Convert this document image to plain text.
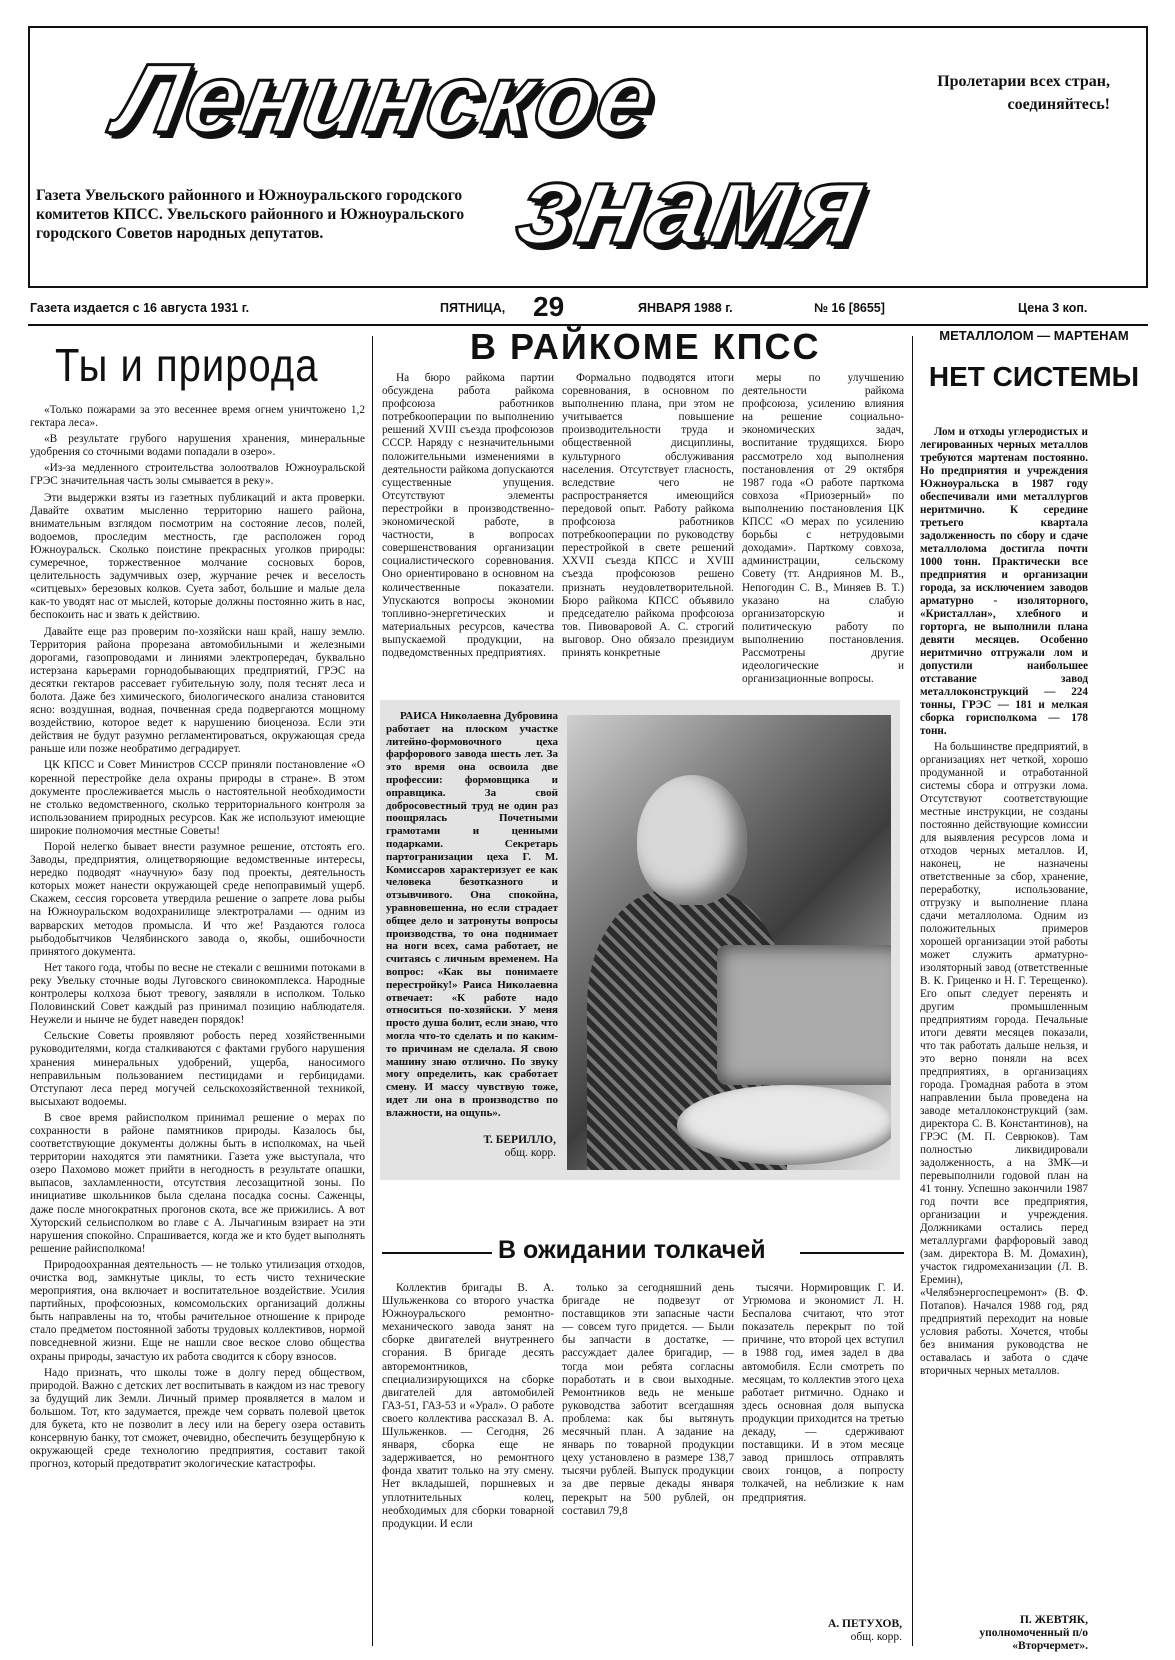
Ленинское
знамя
Пролетарии всех стран,
соединяйтесь!
Газета Увельского районного и Южноуральского городского комитетов КПСС. Увельского районного и Южноуральского городского Советов народных депутатов.
Газета издается с 16 августа 1931 г.	ПЯТНИЦА, 29	ЯНВАРЯ 1988 г.	№ 16 [8655]	Цена 3 коп.
Ты и природа

«Только пожарами за это весеннее время огнем уничтожено 1,2 гектара леса».

«В результате грубого нарушения хранения, минеральные удобрения со сточными водами попадали в озеро».

«Из-за медленного строительства золоотвалов Южноуральской ГРЭС значительная часть золы смывается в реку».

Эти выдержки взяты из газетных публикаций и акта проверки. Давайте охватим мысленно территорию нашего района, внимательным взглядом посмотрим на состояние лесов, полей, водоемов, проследим местность, где расположен город Южноуральск. Сколько поистине прекрасных уголков природы: сумеречное, торжественное молчание сосновых боров, целительность задумчивых озер, журчание речек и веселость «ситцевых» березовых колков. Суета забот, большие и малые дела как-то уводят нас от мыслей, которые должны постоянно жить в нас, беспокоить нас и звать к действию.

Давайте еще раз проверим по-хозяйски наш край, нашу землю. Территория района прорезана автомобильными и железными дорогами, газопроводами и линиями электропередач, буквально истерзана карьерами горнодобывающих предприятий, ГРЭС на десятки гектаров рассевает губительную золу, поля теснят леса и болота. Даже без химического, биологического анализа становится ясно: воздушная, водная, почвенная среда подвергаются мощному воздействию, которое ведет к нарушению биоценоза. Если эти действия не будут разумно регламентироваться, окружающая среда раньше или позже необратимо деградирует.

ЦК КПСС и Совет Министров СССР приняли постановление «О коренной перестройке дела охраны природы в стране». В этом документе прослеживается мысль о настоятельной необходимости не столько ведомственного, сколько территориального контроля за использованием природных ресурсов. Как же используют имеющие широкие полномочия местные Советы!

Порой нелегко бывает внести разумное решение, отстоять его. Заводы, предприятия, олицетворяющие ведомственные интересы, нередко подводят «научную» базу под проекты, деятельность которых может нанести окружающей среде непоправимый ущерб. Скажем, сессия горсовета утвердила решение о запрете лова рыбы на Южноуральском водохранилище электротралами — одним из варварских методов промысла. И что же! Раздаются голоса рыбодобытчиков Челябинского завода о, якобы, ошибочности принятого документа.

Нет такого года, чтобы по весне не стекали с вешними потоками в реку Увельку сточные воды Луговского свинокомплекса. Народные контролеры колхоза бьют тревогу, заявляли в исполком. Только Половинский Совет каждый раз принимал позицию наблюдателя. Неужели и нынче не будет наведен порядок!

Сельские Советы проявляют робость перед хозяйственными руководителями, когда сталкиваются с фактами грубого нарушения хранения минеральных удобрений, ущерба, наносимого неправильным пользованием пестицидами и гербицидами. Отступают леса перед могучей сельскохозяйственной техникой, высыхают водоемы.

В свое время райисполком принимал решение о мерах по сохранности в районе памятников природы. Казалось бы, соответствующие документы должны быть в исполкомах, на чьей территории находятся эти памятники. Газета уже выступала, что озеро Пахомово может прийти в негодность в результате опашки, выпасов, захламленности, отсутствия лесозащитной зоны. По инициативе школьников была сделана посадка сосны. Саженцы, даже после многократных прогонов скота, все же прижились. А вот Хуторский сельисполком во главе с А. Лычагиным взирает на эти нарушения спокойно. Спрашивается, когда же и кто будет выполнять решение райисполкома!

Природоохранная деятельность — не только утилизация отходов, очистка вод, замкнутые циклы, то есть чисто технические мероприятия, она включает и воспитательное воздействие. Усилия партийных, профсоюзных, комсомольских организаций должны быть направлены на то, чтобы рачительное отношение к природе стало предметом постоянной заботы трудовых коллективов, нормой повседневной жизни. Еще не нашли свое веское слово общества охраны природы, зачастую их работа сводится к сбору взносов.

Надо признать, что школы тоже в долгу перед обществом, природой. Важно с детских лет воспитывать в каждом из нас тревогу за будущий лик Земли. Личный пример проявляется в малом и большом. Тот, кто задумается, прежде чем сорвать полевой цветок для букета, кто не позволит в лесу или на берегу озера оставить консервную банку, тот сможет, очевидно, обеспечить безущербную к окружающей среде технологию предприятия, составит такой прогноз, который предотвратит экологические катастрофы.

В РАЙКОМЕ КПСС

На бюро райкома партии обсуждена работа райкома профсоюза работников потребкооперации по выполнению решений XVIII съезда профсоюзов СССР. Наряду с незначительными положительными изменениями в деятельности райкома допускаются существенные упущения. Отсутствуют элементы перестройки в производственно-экономической работе, в частности, в вопросах совершенствования организации социалистического соревнования. Оно ориентировано в основном на количественные показатели. Упускаются вопросы экономии топливно-энергетических и материальных ресурсов, качества выпускаемой продукции, на подведомственных предприятиях.

Формально подводятся итоги соревнования, в основном по выполнению плана, при этом не учитывается повышение производительности труда и общественной дисциплины, культурного обслуживания населения. Отсутствует гласность, вследствие чего не распространяется имеющийся передовой опыт. Работу райкома профсоюза работников потребкооперации по руководству перестройкой в свете решений XXVII съезда КПСС и XVIII съезда профсоюзов решено признать неудовлетворительной. Бюро райкома КПСС объявило председателю райкома профсоюза тов. Пивоваровой А. С. строгий выговор. Оно обязало президиум принять конкретные

меры по улучшению деятельности райкома профсоюза, усилению влияния на решение социально-экономических задач, воспитание трудящихся. Бюро рассмотрело ход выполнения постановления от 29 октября 1987 года «О работе парткома совхоза «Приозерный» по выполнению постановления ЦК КПСС «О мерах по усилению борьбы с нетрудовыми доходами». Парткому совхоза, администрации, сельскому Совету (тт. Андриянов М. В., Непогодин С. В., Миняев В. Т.) указано на слабую организаторскую и политическую работу по выполнению постановления. Рассмотрены другие идеологические и организационные вопросы.

РАИСА Николаевна Дубровина работает на плоском участке литейно-формовочного цеха фарфорового завода шесть лет. За это время она освоила две профессии: формовщика и оправщика. За свой добросовестный труд не один раз поощрялась Почетными грамотами и ценными подарками. Секретарь партогранизации цеха Г. М. Комиссаров характеризует ее как человека безотказного и отзывчивого. Она спокойна, уравновешенна, но если страдает общее дело и затронуты вопросы производства, то она поднимает на ноги всех, сама работает, не считаясь с личным временем. На вопрос: «Как вы понимаете перестройку!» Раиса Николаевна отвечает: «К работе надо относиться по-хозяйски. У меня просто душа болит, если знаю, что могла что-то сделать и по каким-то причинам не сделала. Я свою машину знаю отлично. По звуку могу определить, как сработает смену. И массу чувствую тоже, идет ли она в производство по влажности, на ощупь».

Т. БЕРИЛЛО,
общ. корр.
В ожидании толкачей

Коллектив бригады В. А. Шульженкова со второго участка Южноуральского ремонтно-механического завода занят на сборке двигателей внутреннего сгорания. В бригаде десять авторемонтников, специализирующихся на сборке двигателей для автомобилей ГАЗ-51, ГАЗ-53 и «Урал». О работе своего коллектива рассказал В. А. Шульженков. — Сегодня, 26 января, сборка еще не задерживается, но ремонтного фонда хватит только на эту смену. Нет вкладышей, поршневых и уплотнительных колец, необходимых для сборки товарной продукции. И если

только за сегодняшний день бригаде не подвезут от поставщиков эти запасные части — совсем туго придется. — Были бы запчасти в достатке, — рассуждает далее бригадир, — тогда мои ребята согласны поработать и в свои выходные. Ремонтников ведь не меньше руководства заботит всегдашняя проблема: как бы вытянуть месячный план. А задание на январь по товарной продукции цеху установлено в размере 138,7 тысячи рублей. Выпуск продукции за две первые декады января перекрыт на 500 рублей, он составил 79,8

тысячи. Нормировщик Г. И. Угрюмова и экономист Л. Н. Беспалова считают, что этот показатель перекрыт по той причине, что второй цех вступил в 1988 год, имея задел в два автомобиля. Если смотреть по месяцам, то коллектив этого цеха работает ритмично. Однако и здесь основная доля выпуска продукции приходится на третью декаду, — сдерживают поставщики. И в этом месяце завод пришлось отправлять своих гонцов, а попросту толкачей, на неблизкие к нам предприятия.

А. ПЕТУХОВ,
общ. корр.
МЕТАЛЛОЛОМ — МАРТЕНАМ
НЕТ СИСТЕМЫ

Лом и отходы углеродистых и легированных черных металлов требуются мартенам постоянно. Но предприятия и учреждения Южноуральска в 1987 году обеспечивали ими металлургов неритмично. К середине третьего квартала задолженность по сбору и сдаче металлолома достигла почти 1000 тонн. Практически все предприятия и организации города, за исключением заводов арматурно - изоляторного, «Кристаллан», хлебного и горторга, не выполнили плана девяти месяцев. Особенно неритмично отгружали лом и допустили наибольшее отставание завод металлоконструкций — 224 тонны, ГРЭС — 181 и мелкая сборка горисполкома — 178 тонн.

На большинстве предприятий, в организациях нет четкой, хорошо продуманной и отработанной системы сбора и отгрузки лома. Отсутствуют соответствующие местные инструкции, не созданы постоянно действующие комиссии для выявления ресурсов лома и отходов черных металлов. И, наконец, не назначены ответственные за сбор, хранение, переработку, использование, отгрузку и выполнение плана сдачи металлолома. Одним из положительных примеров хорошей организации этой работы может служить арматурно-изоляторный завод (ответственные В. К. Гриценко и Н. Г. Терещенко). Его опыт следует перенять и другим промышленным предприятиям города. Печальные итоги девяти месяцев показали, что так работать дальше нельзя, и это верно поняли на всех предприятиях, в организациях города. Громадная работа в этом направлении была проведена на заводе металлоконструкций (зам. директора С. В. Константинов), на ГРЭС (М. П. Севрюков). Там полностью ликвидировали задолженность, а на ЗМК—и перевыполнили годовой план на 41 тонну. Успешно закончили 1987 год почти все предприятия, организации и учреждения. Должниками остались перед металлургами фарфоровый завод (зам. директора В. М. Домахин), участок гидромеханизации (Л. В. Еремин), «Челябэнергоспецремонт» (В. Ф. Потапов). Начался 1988 год, ряд предприятий переходит на новые условия работы. Хочется, чтобы без внимания руководства не оставалась и забота о сдаче вторичных черных металлов.

П. ЖЕВТЯК,
уполномоченный п/о «Вторчермет».
